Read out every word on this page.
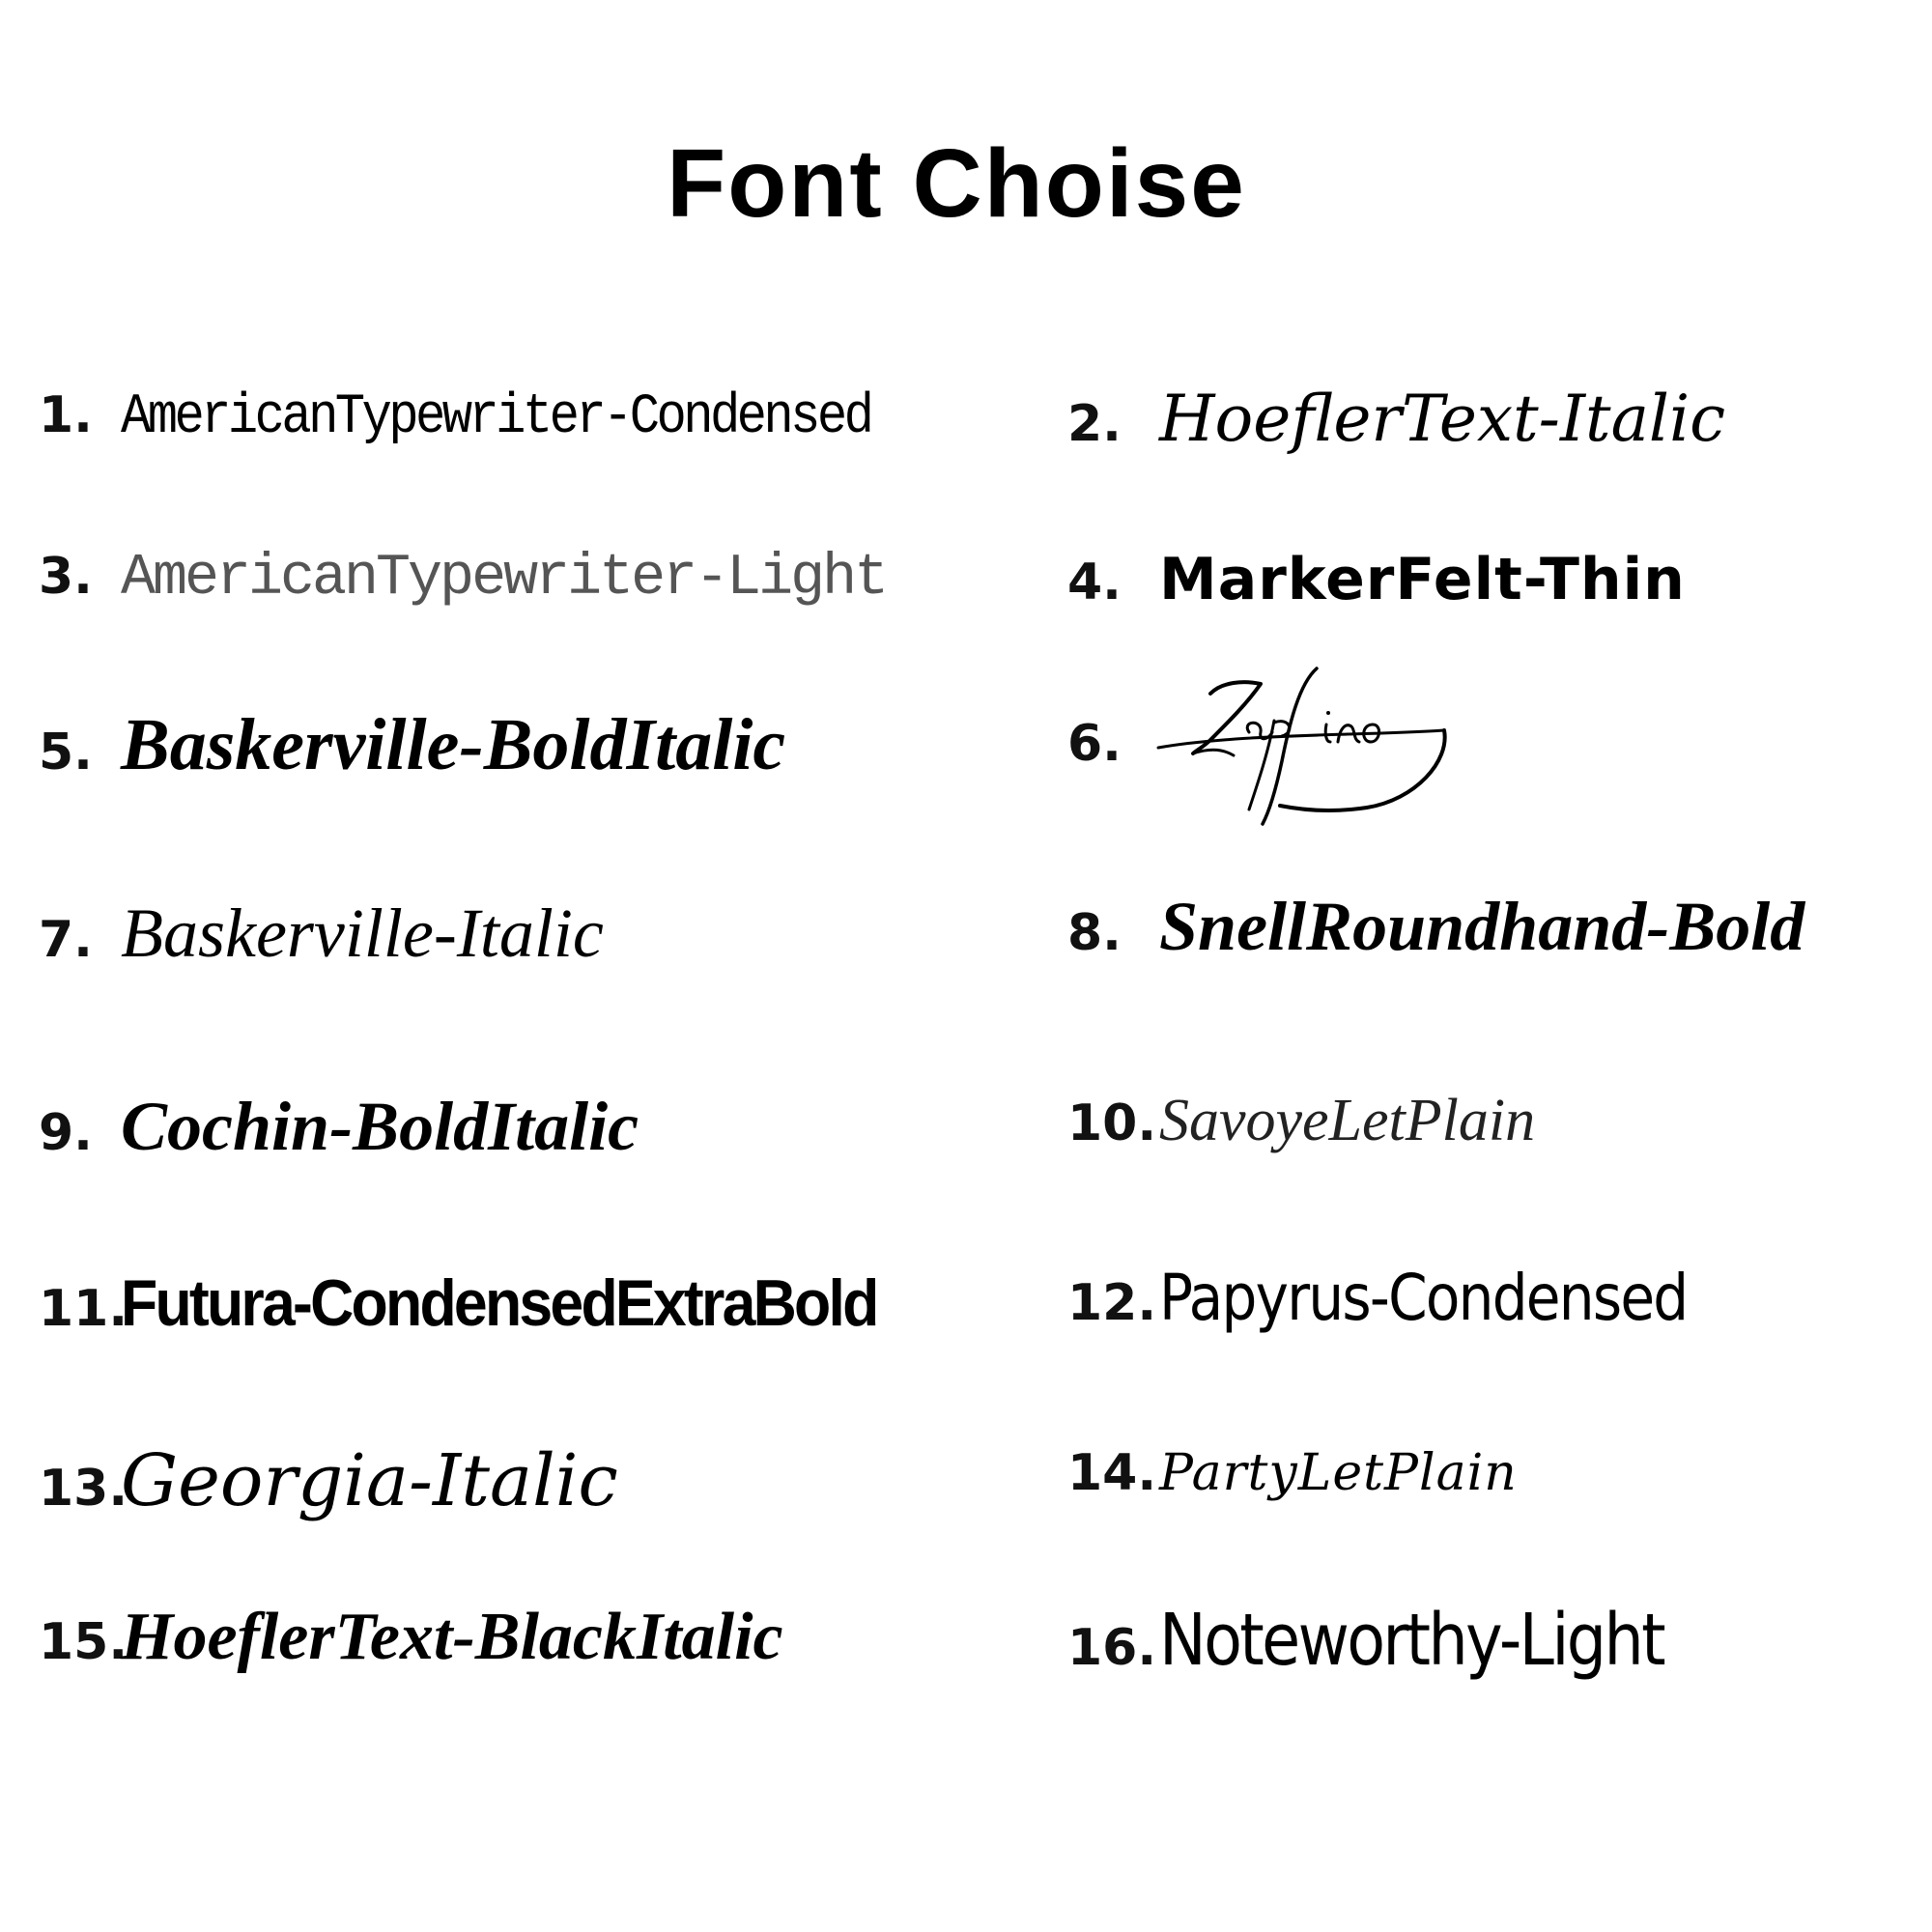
Font Choise
1. AmericanTypewriter-Condensed
3. AmericanTypewriter-Light
5. Baskerville-BoldItalic
7. Baskerville-Italic
9. Cochin-BoldItalic
11.
Futura-CondensedExtraBold
13.
Georgia-Italic
15.
HoeflerText-BlackItalic
2. HoeflerText-Italic
4. MarkerFelt-Thin
6.
8. SnellRoundhand-Bold
10. SavoyeLetPlain
12. Papyrus-Condensed
14. PartyLetPlain
16. Noteworthy-Light
